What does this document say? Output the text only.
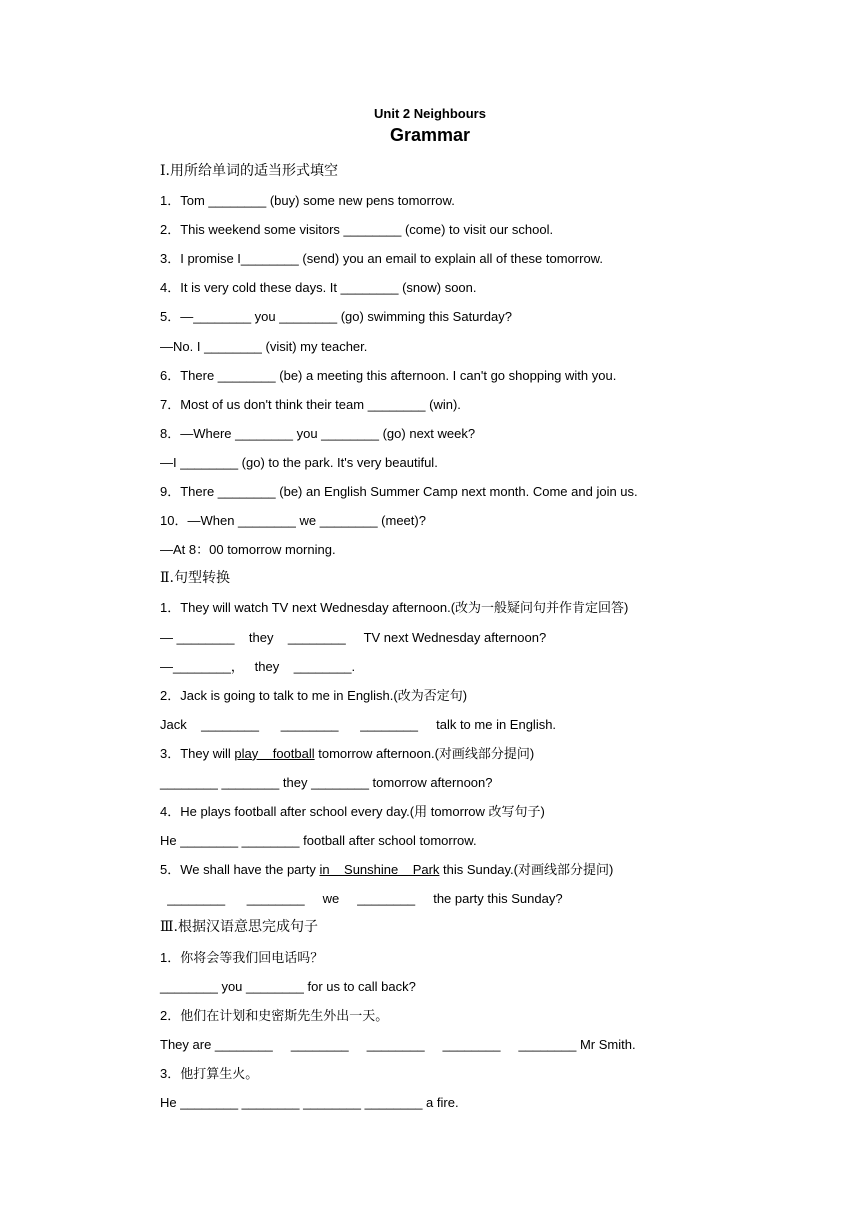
Unit 2 Neighbours
Grammar
Ⅰ.用所给单词的适当形式填空
1．Tom ________ (buy) some new pens tomorrow.
2．This weekend some visitors ________ (come) to visit our school.
3．I promise I________ (send) you an email to explain all of these tomorrow.
4．It is very cold these days. It ________ (snow) soon.
5．—________ you ________ (go) swimming this Saturday?
—No. I ________ (visit) my teacher.
6．There ________ (be) a meeting this afternoon. I can't go shopping with you.
7．Most of us don't think their team ________ (win).
8．—Where ________ you ________ (go) next week?
—I ________ (go) to the park. It's very beautiful.
9．There ________ (be) an English Summer Camp next month. Come and join us.
10．—When ________ we ________ (meet)?
—At 8：00 tomorrow morning.
Ⅱ.句型转换
1．They will watch TV next Wednesday afternoon.(改为一般疑问句并作肯定回答)
— ________    they    ________     TV next Wednesday afternoon?
—________，   they    ________.
2．Jack is going to talk to me in English.(改为否定句)
Jack    ________      ________      ________     talk to me in English.
3．They will play    football tomorrow afternoon.(对画线部分提问)
________ ________ they ________ tomorrow afternoon?
4．He plays football after school every day.(用 tomorrow 改写句子)
He ________ ________ football after school tomorrow.
5．We shall have the party in    Sunshine    Park this Sunday.(对画线部分提问)
________      ________     we     ________     the party this Sunday?
Ⅲ.根据汉语意思完成句子
1．你将会等我们回电话吗？
________ you ________ for us to call back?
2．他们在计划和史密斯先生外出一天。
They are ________     ________     ________     ________     ________ Mr Smith.
3．他打算生火。
He ________ ________ ________ ________ a fire.
